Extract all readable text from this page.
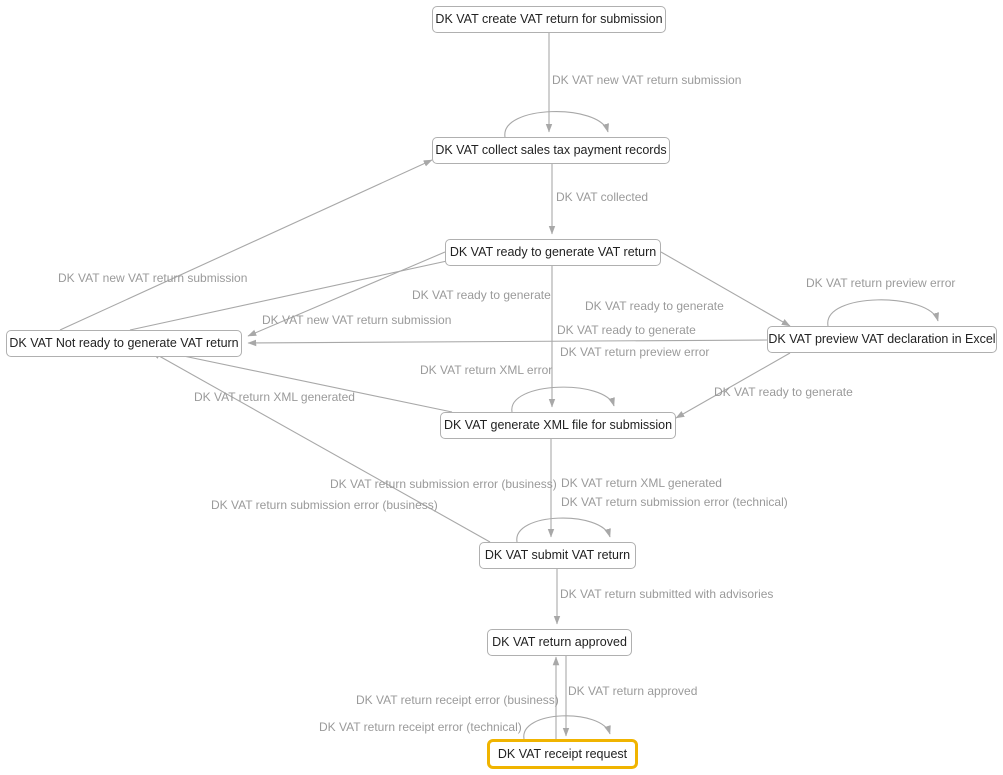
DK VAT create VAT return for submission
DK VAT collect sales tax payment records
DK VAT ready to generate VAT return
DK VAT Not ready to generate VAT return	DK VAT preview VAT declaration in Excel
DK VAT generate XML file for submission
DK VAT submit VAT return
DK VAT return approved
DK VAT receipt request
DK VAT new VAT return submission
DK VAT collected
DK VAT new VAT return submission
DK VAT ready to generate
DK VAT ready to generate
DK VAT return preview error
DK VAT new VAT return submission
DK VAT ready to generate
DK VAT return preview error
DK VAT return XML error
DK VAT ready to generate
DK VAT return XML generated
DK VAT return submission error (business) DK VAT return XML generated
DK VAT return submission error (business)	DK VAT return submission error (technical)
DK VAT return submitted with advisories
DK VAT return receipt error (business)
DK VAT return approved
DK VAT return receipt error (technical)
